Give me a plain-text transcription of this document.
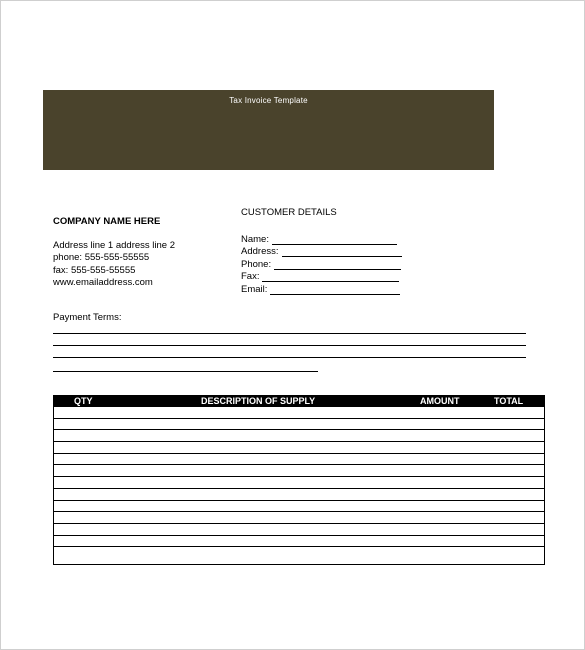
Tax Invoice Template
COMPANY NAME HERE
Address line 1 address line 2
phone: 555-555-55555
fax: 555-555-55555
www.emailaddress.com
CUSTOMER DETAILS
Name:
Address:
Phone:
Fax:
Email:
Payment Terms:
QTY	DESCRIPTION OF SUPPLY	AMOUNT	TOTAL
